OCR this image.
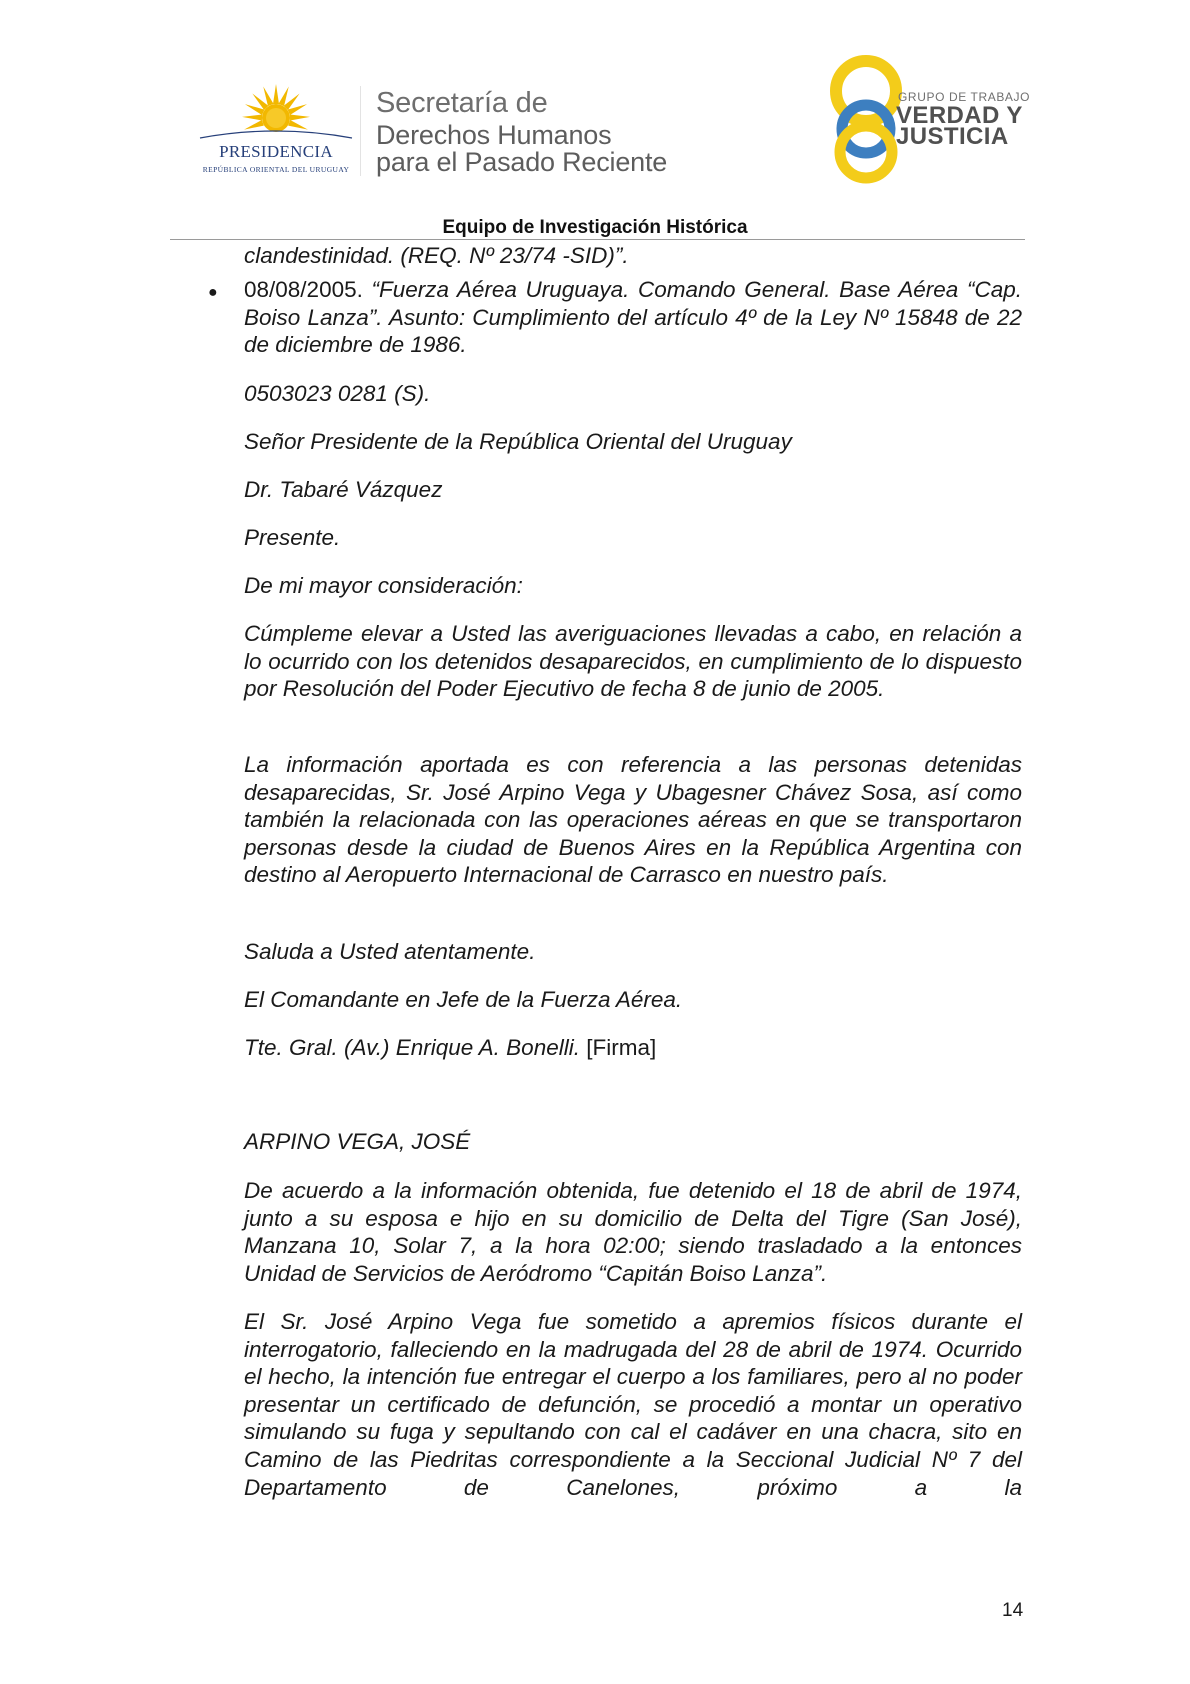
PRESIDENCIA
REPÚBLICA ORIENTAL DEL URUGUAY
Secretaría de
Derechos Humanos
para el Pasado Reciente
GRUPO DE TRABAJO
VERDAD Y
JUSTICIA
Equipo de Investigación Histórica

clandestinidad. (REQ. Nº 23/74 -SID)”.

● 08/08/2005. “Fuerza Aérea Uruguaya. Comando General. Base Aérea “Cap. Boiso Lanza”. Asunto: Cumplimiento del artículo 4º de la Ley Nº 15848 de 22 de diciembre de 1986.

0503023 0281 (S).

Señor Presidente de la República Oriental del Uruguay

Dr. Tabaré Vázquez

Presente.

De mi mayor consideración:

Cúmpleme elevar a Usted las averiguaciones llevadas a cabo, en relación a lo ocurrido con los detenidos desaparecidos, en cumplimiento de lo dispuesto por Resolución del Poder Ejecutivo de fecha 8 de junio de 2005.

La información aportada es con referencia a las personas detenidas desaparecidas, Sr. José Arpino Vega y Ubagesner Chávez Sosa, así como también la relacionada con las operaciones aéreas en que se transportaron personas desde la ciudad de Buenos Aires en la República Argentina con destino al Aeropuerto Internacional de Carrasco en nuestro país.

Saluda a Usted atentamente.

El Comandante en Jefe de la Fuerza Aérea.

Tte. Gral. (Av.) Enrique A. Bonelli. [Firma]

ARPINO VEGA, JOSÉ

De acuerdo a la información obtenida, fue detenido el 18 de abril de 1974, junto a su esposa e hijo en su domicilio de Delta del Tigre (San José), Manzana 10, Solar 7, a la hora 02:00; siendo trasladado a la entonces Unidad de Servicios de Aeródromo “Capitán Boiso Lanza”.

El Sr. José Arpino Vega fue sometido a apremios físicos durante el interrogatorio, falleciendo en la madrugada del 28 de abril de 1974. Ocurrido el hecho, la intención fue entregar el cuerpo a los familiares, pero al no poder presentar un certificado de defunción, se procedió a montar un operativo simulando su fuga y sepultando con cal el cadáver en una chacra, sito en Camino de las Piedritas correspondiente a la Seccional Judicial Nº 7 del Departamento de Canelones, próximo a la

14
